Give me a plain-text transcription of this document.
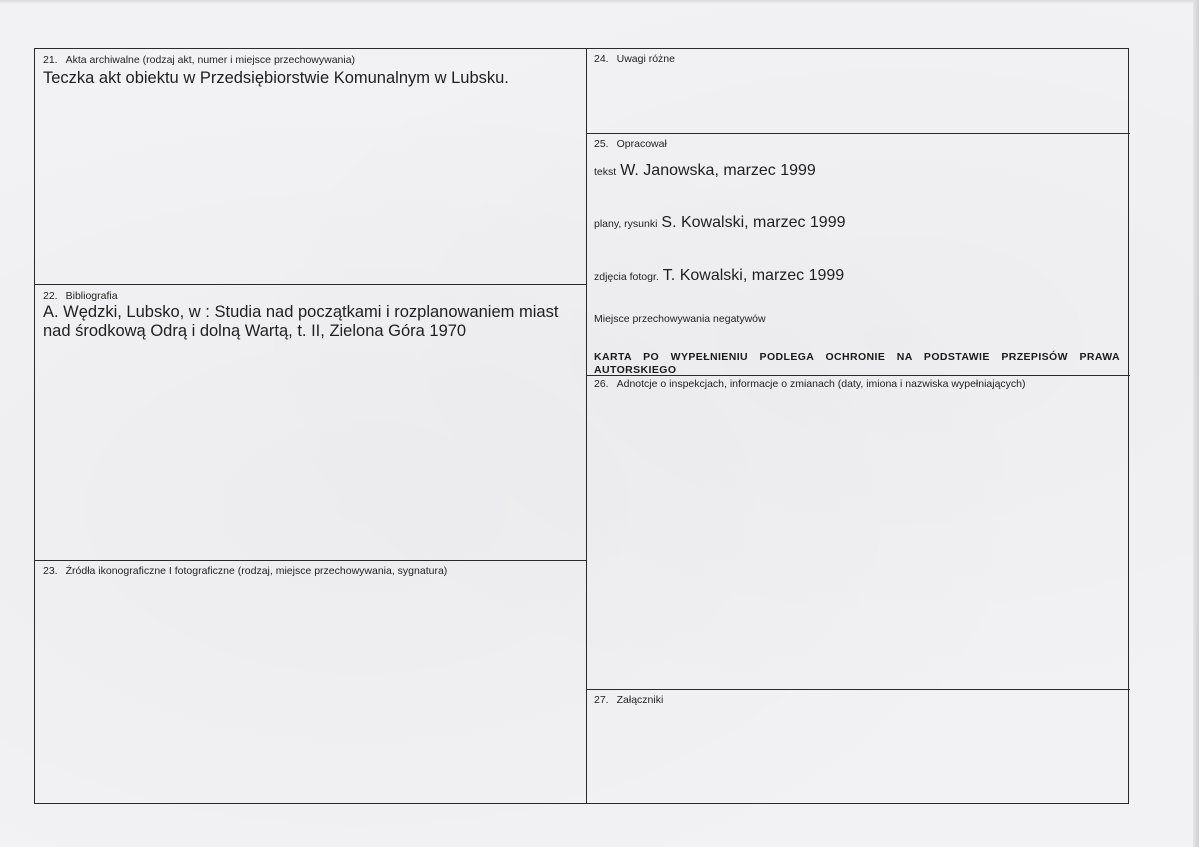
21. Akta archiwalne (rodzaj akt, numer i miejsce przechowywania)
Teczka akt obiektu w Przedsiębiorstwie Komunalnym w Lubsku.
22. Bibliografia
A. Wędzki, Lubsko, w : Studia nad początkami i rozplanowaniem miast
nad środkową Odrą i dolną Wartą, t. II, Zielona Góra 1970
23. Źródła ikonograficzne I fotograficzne (rodzaj, miejsce przechowywania, sygnatura)
24. Uwagi różne
25. Opracował
tekst W. Janowska, marzec 1999
plany, rysunki S. Kowalski, marzec 1999
zdjęcia fotogr. T. Kowalski, marzec 1999
Miejsce przechowywania negatywów
KARTA PO WYPEŁNIENIU PODLEGA OCHRONIE NA PODSTAWIE PRZEPISÓW PRAWA
AUTORSKIEGO
26. Adnotcje o inspekcjach, informacje o zmianach (daty, imiona i nazwiska wypełniających)
27. Załączniki
